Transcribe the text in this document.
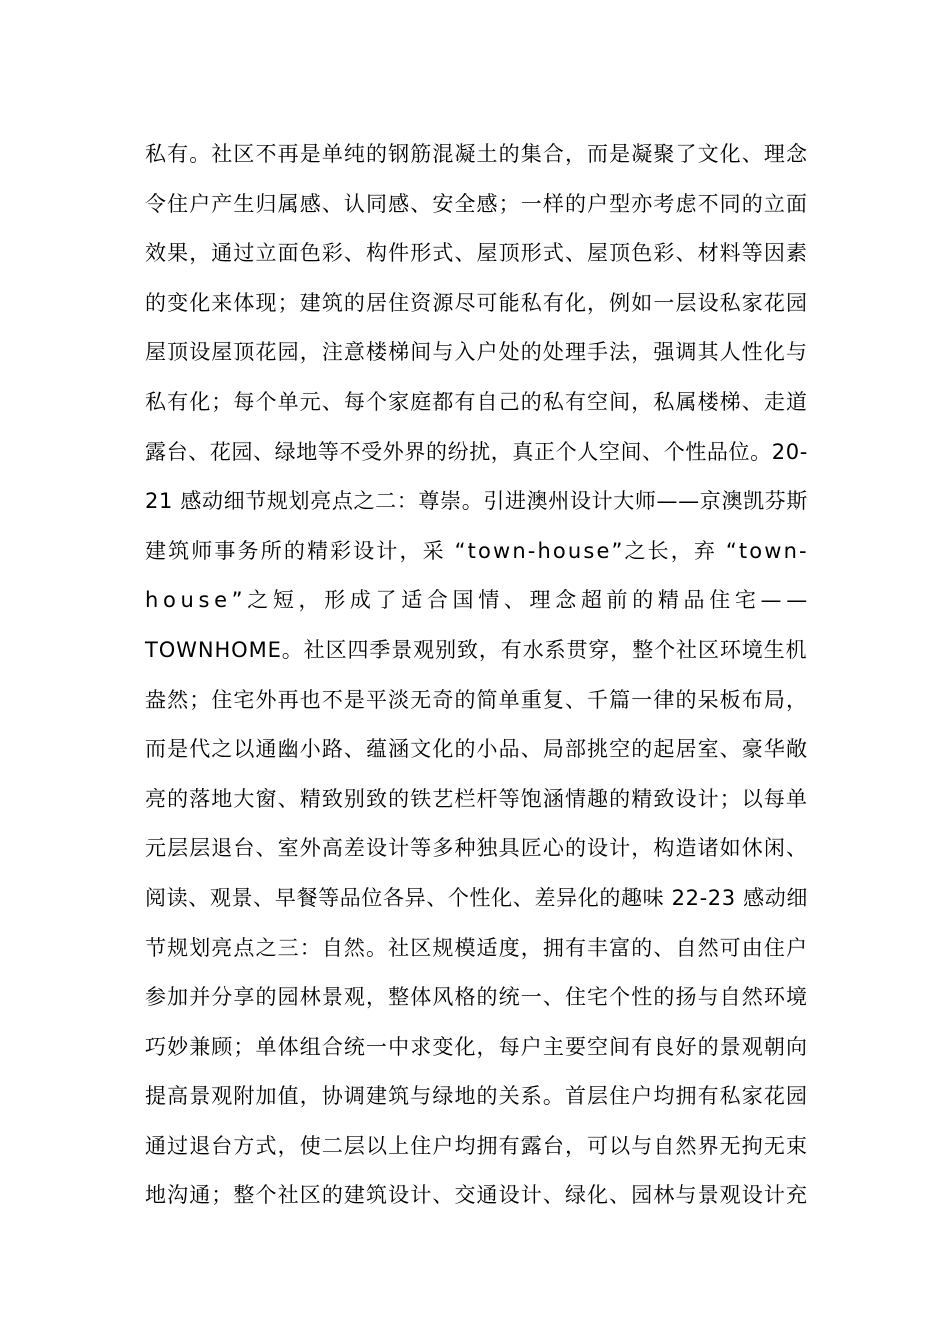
私有。社区不再是单纯的钢筋混凝土的集合，而是凝聚了文化、理念
令住户产生归属感、认同感、安全感；一样的户型亦考虑不同的立面
效果，通过立面色彩、构件形式、屋顶形式、屋顶色彩、材料等因素
的变化来体现；建筑的居住资源尽可能私有化，例如一层设私家花园
屋顶设屋顶花园，注意楼梯间与入户处的处理手法，强调其人性化与
私有化；每个单元、每个家庭都有自己的私有空间，私属楼梯、走道
露台、花园、绿地等不受外界的纷扰，真正个人空间、个性品位。20-
21 感动细节规划亮点之二：尊崇。引进澳州设计大师——京澳凯芬斯
建筑师事务所的精彩设计，采 “town-house”之长，弃 “town-
house”之短，形成了适合国情、理念超前的精品住宅——
TOWNHOME。社区四季景观别致，有水系贯穿，整个社区环境生机
盎然；住宅外再也不是平淡无奇的简单重复、千篇一律的呆板布局，
而是代之以通幽小路、蕴涵文化的小品、局部挑空的起居室、豪华敞
亮的落地大窗、精致别致的铁艺栏杆等饱涵情趣的精致设计；以每单
元层层退台、室外高差设计等多种独具匠心的设计，构造诸如休闲、
阅读、观景、早餐等品位各异、个性化、差异化的趣味 22-23 感动细
节规划亮点之三：自然。社区规模适度，拥有丰富的、自然可由住户
参加并分享的园林景观，整体风格的统一、住宅个性的扬与自然环境
巧妙兼顾；单体组合统一中求变化，每户主要空间有良好的景观朝向
提高景观附加值，协调建筑与绿地的关系。首层住户均拥有私家花园
通过退台方式，使二层以上住户均拥有露台，可以与自然界无拘无束
地沟通；整个社区的建筑设计、交通设计、绿化、园林与景观设计充
